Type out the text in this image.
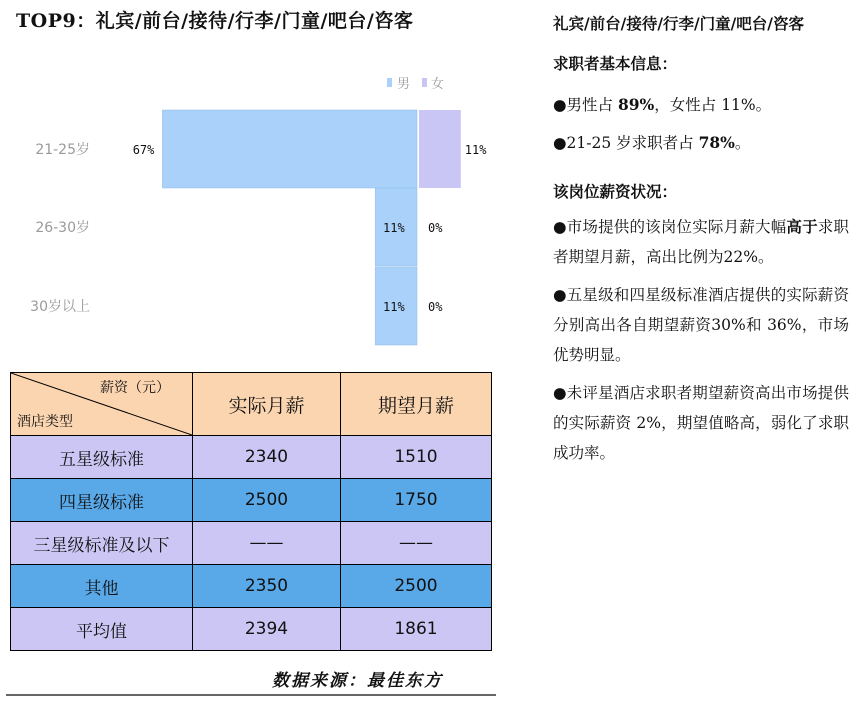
TOP9：礼宾/前台/接待/行李/门童/吧台/咨客
男 女
21-25岁	67%	11%
26-30岁	11% 0%
30岁以上	11% 0%
薪资（元）
酒店类型	实际月薪	期望月薪
五星级标准	2340	1510
四星级标准	2500	1750
三星级标准及以下	——	——
其他	2350	2500
平均值	2394	1861
数据来源：最佳东方
礼宾/前台/接待/行李/门童/吧台/咨客
求职者基本信息：
●男性占 89%，女性占 11%。
●21-25 岁求职者占 78%。
该岗位薪资状况：
●市场提供的该岗位实际月薪大幅高于求职者期望月薪，高出比例为22%。
●五星级和四星级标准酒店提供的实际薪资分别高出各自期望薪资30%和 36%，市场优势明显。
●未评星酒店求职者期望薪资高出市场提供的实际薪资 2%，期望值略高，弱化了求职成功率。
